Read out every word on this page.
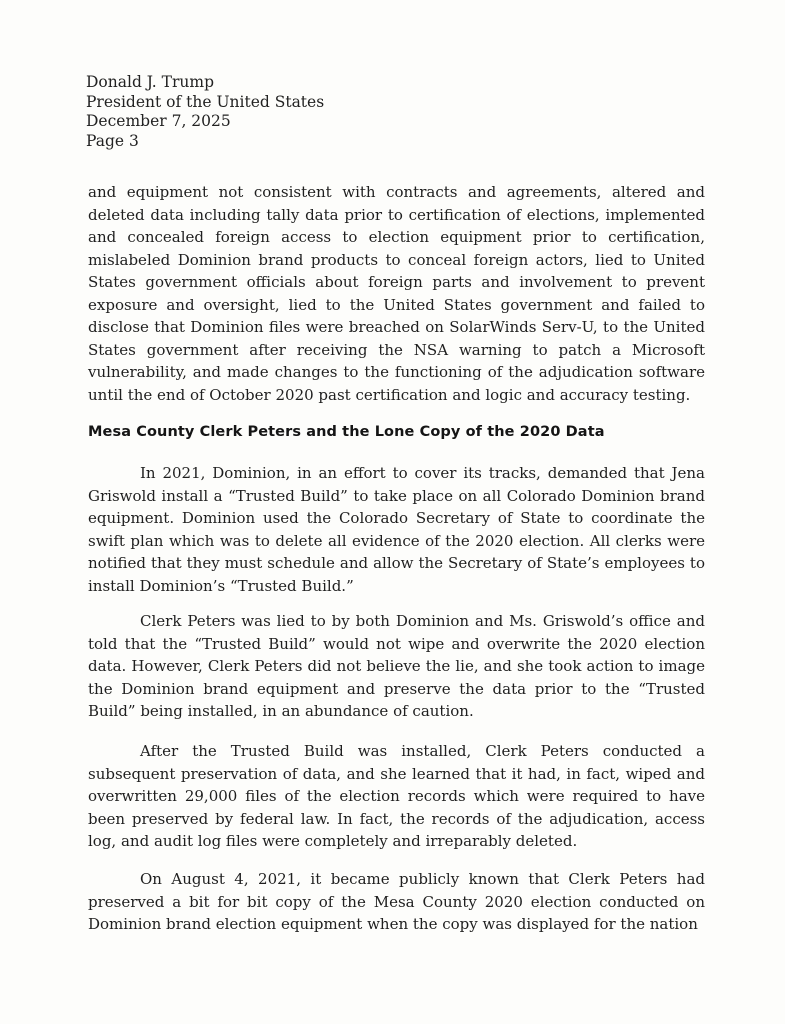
Donald J. Trump
President of the United States
December 7, 2025
Page 3

and equipment not consistent with contracts and agreements, altered and deleted data including tally data prior to certification of elections, implemented and concealed foreign access to election equipment prior to certification, mislabeled Dominion brand products to conceal foreign actors, lied to United States government officials about foreign parts and involvement to prevent exposure and oversight, lied to the United States government and failed to disclose that Dominion files were breached on SolarWinds Serv-U, to the United States government after receiving the NSA warning to patch a Microsoft vulnerability, and made changes to the functioning of the adjudication software until the end of October 2020 past certification and logic and accuracy testing.

Mesa County Clerk Peters and the Lone Copy of the 2020 Data

In 2021, Dominion, in an effort to cover its tracks, demanded that Jena Griswold install a “Trusted Build” to take place on all Colorado Dominion brand equipment. Dominion used the Colorado Secretary of State to coordinate the swift plan which was to delete all evidence of the 2020 election. All clerks were notified that they must schedule and allow the Secretary of State’s employees to install Dominion’s “Trusted Build.”

Clerk Peters was lied to by both Dominion and Ms. Griswold’s office and told that the “Trusted Build” would not wipe and overwrite the 2020 election data. However, Clerk Peters did not believe the lie, and she took action to image the Dominion brand equipment and preserve the data prior to the “Trusted Build” being installed, in an abundance of caution.

After the Trusted Build was installed, Clerk Peters conducted a subsequent preservation of data, and she learned that it had, in fact, wiped and overwritten 29,000 files of the election records which were required to have been preserved by federal law. In fact, the records of the adjudication, access log, and audit log files were completely and irreparably deleted.

On August 4, 2021, it became publicly known that Clerk Peters had preserved a bit for bit copy of the Mesa County 2020 election conducted on Dominion brand election equipment when the copy was displayed for the nation
